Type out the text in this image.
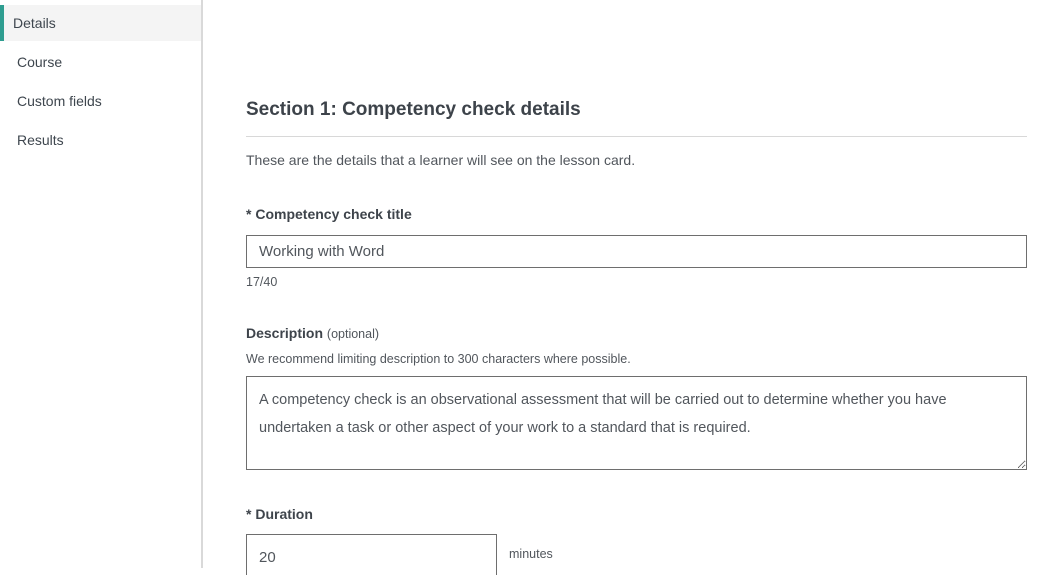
Details
Course
Custom fields
Results
Section 1: Competency check details

These are the details that a learner will see on the lesson card.

* Competency check title
Working with Word
17/40
Description (optional)
We recommend limiting description to 300 characters where possible.
A competency check is an observational assessment that will be carried out to determine whether you have undertaken a task or other aspect of your work to a standard that is required.
* Duration
20
minutes
